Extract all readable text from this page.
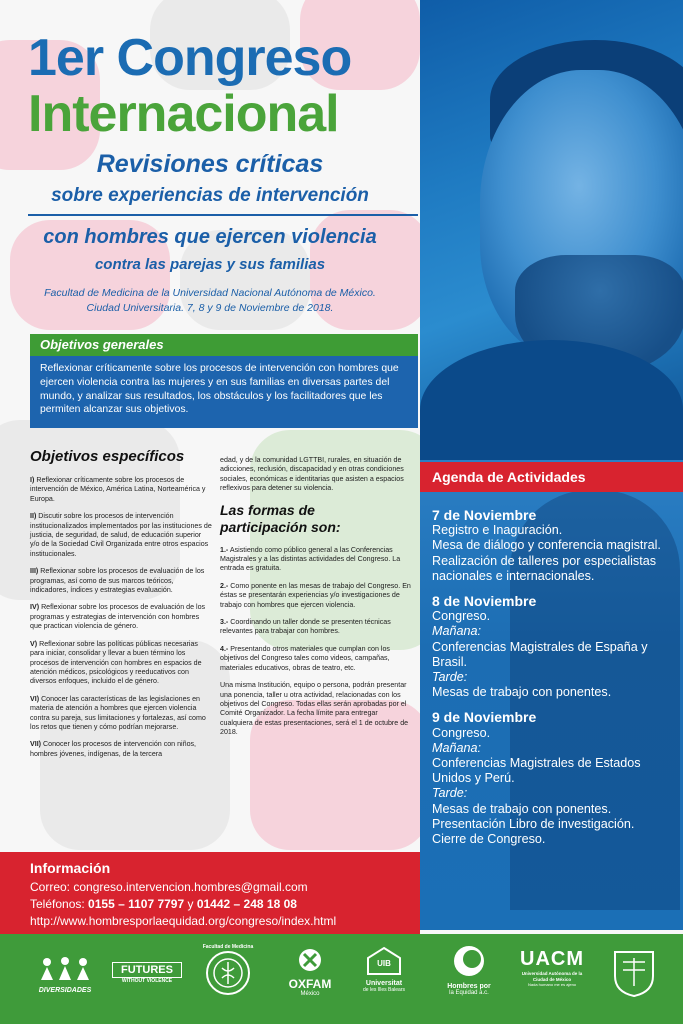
1er Congreso
Internacional
Revisiones críticas
sobre experiencias de intervención
con hombres que ejercen violencia
contra las parejas y sus familias
Facultad de Medicina de la Universidad Nacional Autónoma de México.
Ciudad Universitaria. 7, 8 y 9 de Noviembre de 2018.
Objetivos generales
Reflexionar críticamente sobre los procesos de intervención con hombres que ejercen violencia contra las mujeres y en sus familias en diversas partes del mundo, y analizar sus resultados, los obstáculos y los facilitadores que les permiten alcanzar sus objetivos.
Objetivos específicos

I) Reflexionar críticamente sobre los procesos de intervención de México, América Latina, Norteamérica y Europa.

II) Discutir sobre los procesos de intervención institucionalizados implementados por las instituciones de justicia, de seguridad, de salud, de educación superior y/o de la Sociedad Civil Organizada entre otros espacios institucionales.

III) Reflexionar sobre los procesos de evaluación de los programas, así como de sus marcos teóricos, indicadores, índices y estrategias evaluación.

IV) Reflexionar sobre los procesos de evaluación de los programas y estrategias de intervención con hombres que practican violencia de género.

V) Reflexionar sobre las políticas públicas necesarias para iniciar, consolidar y llevar a buen término los procesos de intervención con hombres en espacios de atención médicos, psicológicos y reeducativos con diversos enfoques, incluido el de género.

VI) Conocer las características de las legislaciones en materia de atención a hombres que ejercen violencia contra su pareja, sus limitaciones y fortalezas, así como los retos que tienen y cómo podrían mejorarse.

VII) Conocer los procesos de intervención con niños, hombres jóvenes, indígenas, de la tercera

edad, y de la comunidad LGTTBI, rurales, en situación de adicciones, reclusión, discapacidad y en otras condiciones sociales, económicas e identitarias que asisten a espacios reflexivos para detener su violencia.

Las formas de
participación son:

1.- Asistiendo como público general a las Conferencias Magistrales y a las distintas actividades del Congreso. La entrada es gratuita.

2.- Como ponente en las mesas de trabajo del Congreso. En éstas se presentarán experiencias y/o investigaciones de trabajo con hombres que ejercen violencia.

3.- Coordinando un taller donde se presenten técnicas relevantes para trabajar con hombres.

4.- Presentando otros materiales que cumplan con los objetivos del Congreso tales como videos, campañas, materiales educativos, obras de teatro, etc.

Una misma Institución, equipo o persona, podrán presentar una ponencia, taller u otra actividad, relacionadas con los objetivos del Congreso. Todas ellas serán aprobadas por el Comité Organizador. La fecha límite para entregar cualquiera de estas presentaciones, será el 1 de octubre de 2018.

Agenda de Actividades
7 de Noviembre
Registro e Inaguración.
Mesa de diálogo y conferencia magistral.
Realización de talleres por especialistas nacionales e internacionales.
8 de Noviembre
Congreso.
Mañana:
Conferencias Magistrales de España y Brasil.
Tarde:
Mesas de trabajo con ponentes.
9 de Noviembre
Congreso.
Mañana:
Conferencias Magistrales de Estados Unidos y Perú.
Tarde:
Mesas de trabajo con ponentes.
Presentación Libro de investigación.
Cierre de Congreso.
Información
Correo: congreso.intervencion.hombres@gmail.com
Teléfonos: 0155 – 1107 7797 y 01442 – 248 18 08
http://www.hombresporlaequidad.org/congreso/index.html
DIVERSIDADES
FUTURES
WITHOUT VIOLENCE
Facultad de Medicina
OXFAM
México
UIB
Universitat
de les Illes Balears	Hombres por
la Equidad a.c.
UACM
Universidad Autónoma de la Ciudad de México
Nada humano me es ajeno
